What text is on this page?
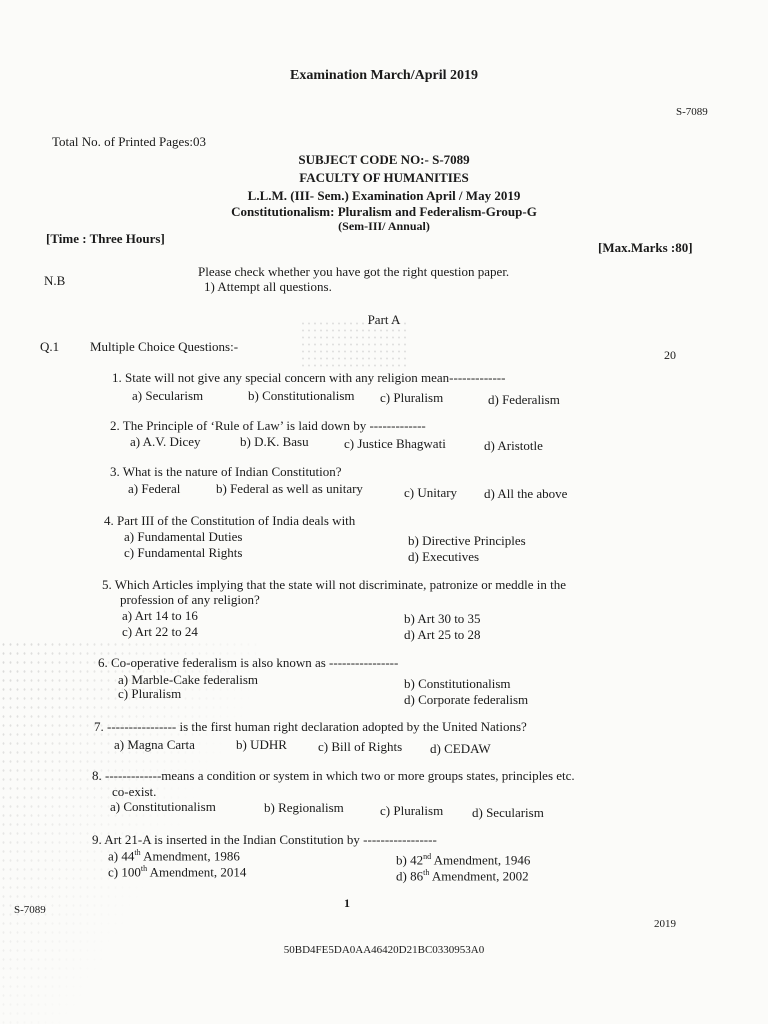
Examination March/April 2019
S-7089
Total No. of Printed Pages:03
SUBJECT CODE NO:- S-7089
FACULTY OF HUMANITIES
L.L.M. (III- Sem.) Examination April / May 2019
Constitutionalism: Pluralism and Federalism-Group-G
(Sem-III/ Annual)
[Time : Three Hours]
[Max.Marks :80]
N.B
Please check whether you have got the right question paper.
1) Attempt all questions.
Part A
Q.1 Multiple Choice Questions:-
20
1. State will not give any special concern with any religion mean-------------
a) Secularism	b) Constitutionalism c) Pluralism	d) Federalism
2. The Principle of ‘Rule of Law’ is laid down by -------------
a) A.V. Dicey	b) D.K. Basu	c) Justice Bhagwati	d) Aristotle
3. What is the nature of Indian Constitution?
a) Federal	b) Federal as well as unitary	c) Unitary d) All the above
4. Part III of the Constitution of India deals with
a) Fundamental Duties	b) Directive Principles
c) Fundamental Rights	d) Executives
5. Which Articles implying that the state will not discriminate, patronize or meddle in the
profession of any religion?
a) Art 14 to 16	b) Art 30 to 35
c) Art 22 to 24	d) Art 25 to 28
6. Co-operative federalism is also known as ----------------
a) Marble-Cake federalism	b) Constitutionalism
c) Pluralism	d) Corporate federalism
7. ---------------- is the first human right declaration adopted by the United Nations?
a) Magna Carta	b) UDHR c) Bill of Rights d) CEDAW
8. -------------means a condition or system in which two or more groups states, principles etc.
co-exist.
a) Constitutionalism	b) Regionalism	c) Pluralism d) Secularism
9. Art 21-A is inserted in the Indian Constitution by -----------------
a) 44th Amendment, 1986	b) 42nd Amendment, 1946
c) 100th Amendment, 2014	d) 86th Amendment, 2002
S-7089	1
2019
50BD4FE5DA0AA46420D21BC0330953A0
